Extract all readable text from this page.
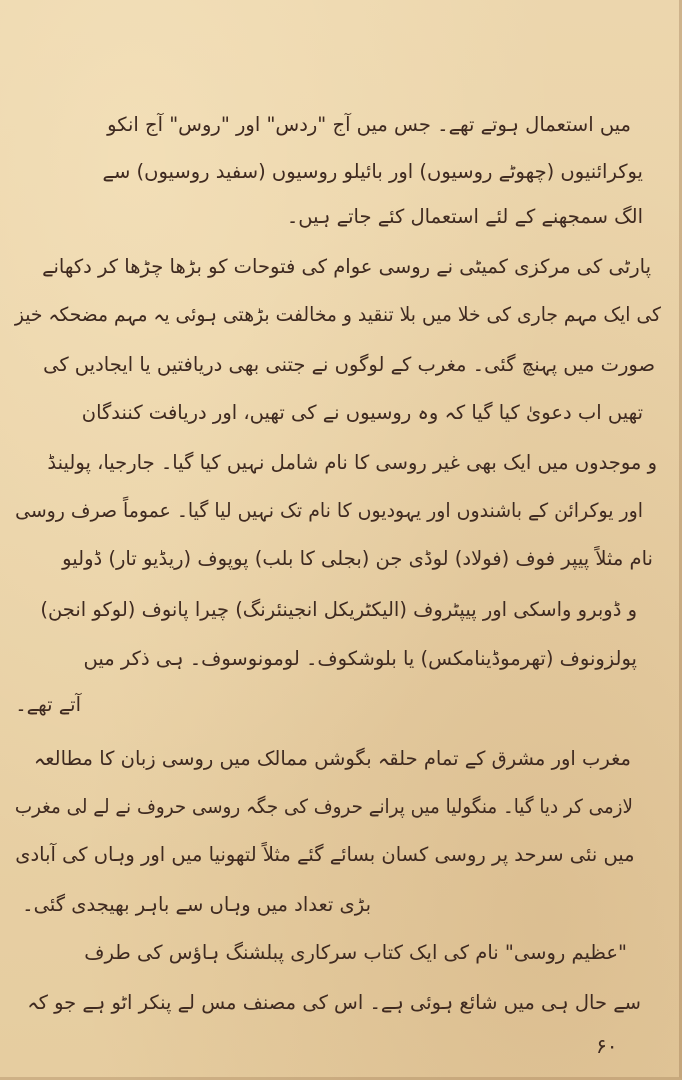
میں استعمال ہوتے تھے۔ جس میں آج "ردس" اور "روس" آج انکو
یوکرائنیوں (چھوٹے روسیوں) اور بائیلو روسیوں (سفید روسیوں) سے
الگ سمجھنے کے لئے استعمال کئے جاتے ہیں۔
پارٹی کی مرکزی کمیٹی نے روسی عوام کی فتوحات کو بڑھا چڑھا کر دکھانے
کی ایک مہم جاری کی خلا میں بلا تنقید و مخالفت بڑھتی ہوئی یہ مہم مضحکہ خیز
صورت میں پہنچ گئی۔ مغرب کے لوگوں نے جتنی بھی دریافتیں یا ایجادیں کی
تھیں اب دعویٰ کیا گیا کہ وہ روسیوں نے کی تھیں، اور دریافت کنندگان
و موجدوں میں ایک بھی غیر روسی کا نام شامل نہیں کیا گیا۔ جارجیا، پولینڈ
اور یوکرائن کے باشندوں اور یہودیوں کا نام تک نہیں لیا گیا۔ عموماً صرف روسی
نام مثلاً پیپر فوف (فولاد) لوڈی جن (بجلی کا بلب) پوپوف (ریڈیو تار) ڈولیو
و ڈوبرو واسکی اور پیپٹروف (الیکٹریکل انجینئرنگ) چیرا پانوف (لوکو انجن)
پولزونوف (تھرموڈینامکس) یا بلوشکوف۔ لومونوسوف۔ ہی ذکر میں
آتے تھے۔
مغرب اور مشرق کے تمام حلقہ بگوشں ممالک میں روسی زبان کا مطالعہ
لازمی کر دیا گیا۔ منگولیا میں پرانے حروف کی جگہ روسی حروف نے لے لی مغرب
میں نئی سرحد پر روسی کسان بسائے گئے مثلاً لتھونیا میں اور وہاں کی آبادی
بڑی تعداد میں وہاں سے باہر بھیجدی گئی۔
"عظیم روسی" نام کی ایک کتاب سرکاری پبلشنگ ہاؤس کی طرف
سے حال ہی میں شائع ہوئی ہے۔ اس کی مصنف مس لے پنکر اٹو ہے جو کہ
۶۰
